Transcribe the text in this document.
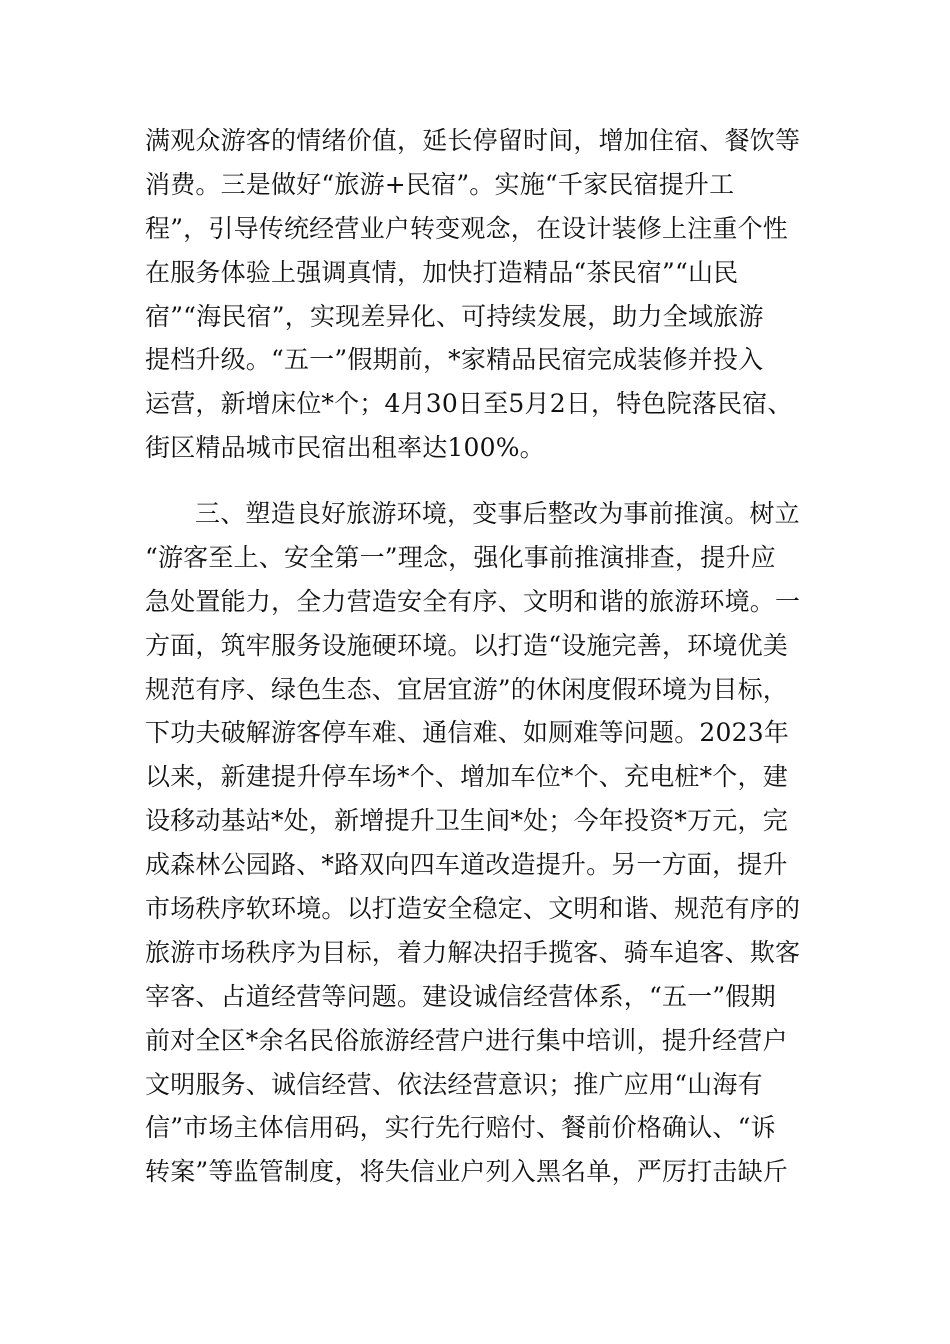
满观众游客的情绪价值，延长停留时间，增加住宿、餐饮等
消费。三是做好“旅游+民宿”。实施“千家民宿提升工
程”，引导传统经营业户转变观念，在设计装修上注重个性
在服务体验上强调真情，加快打造精品“茶民宿”“山民
宿”“海民宿”，实现差异化、可持续发展，助力全域旅游
提档升级。“五一”假期前，*家精品民宿完成装修并投入
运营，新增床位*个；4月30日至5月2日，特色院落民宿、
街区精品城市民宿出租率达100%。
三、塑造良好旅游环境，变事后整改为事前推演。树立
“游客至上、安全第一”理念，强化事前推演排查，提升应
急处置能力，全力营造安全有序、文明和谐的旅游环境。一
方面，筑牢服务设施硬环境。以打造“设施完善，环境优美
规范有序、绿色生态、宜居宜游”的休闲度假环境为目标，
下功夫破解游客停车难、通信难、如厕难等问题。2023年
以来，新建提升停车场*个、增加车位*个、充电桩*个，建
设移动基站*处，新增提升卫生间*处；今年投资*万元，完
成森林公园路、*路双向四车道改造提升。另一方面，提升
市场秩序软环境。以打造安全稳定、文明和谐、规范有序的
旅游市场秩序为目标，着力解决招手揽客、骑车追客、欺客
宰客、占道经营等问题。建设诚信经营体系，“五一”假期
前对全区*余名民俗旅游经营户进行集中培训，提升经营户
文明服务、诚信经营、依法经营意识；推广应用“山海有
信”市场主体信用码，实行先行赔付、餐前价格确认、“诉
转案”等监管制度，将失信业户列入黑名单，严厉打击缺斤
